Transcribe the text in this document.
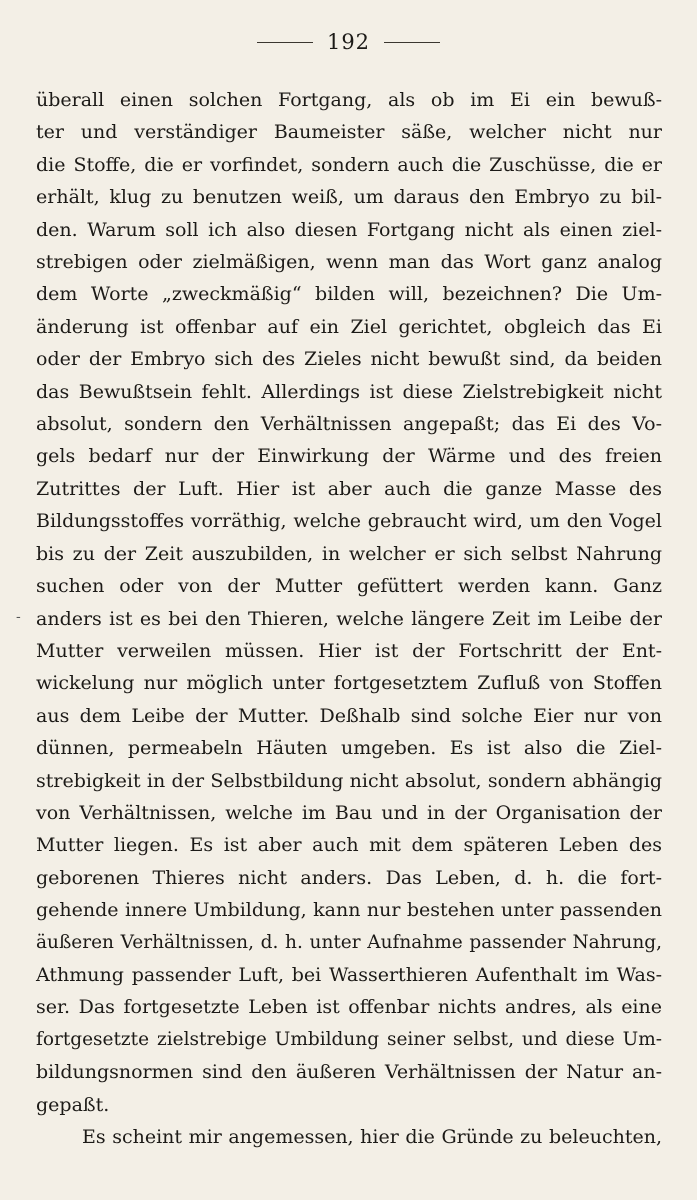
192
-
überall einen solchen Fortgang, als ob im Ei ein bewuß-
ter und verständiger Baumeister säße, welcher nicht nur
die Stoffe, die er vorfindet, sondern auch die Zuschüsse, die er
erhält, klug zu benutzen weiß, um daraus den Embryo zu bil-
den. Warum soll ich also diesen Fortgang nicht als einen ziel-
strebigen oder zielmäßigen, wenn man das Wort ganz analog
dem Worte „zweckmäßig“ bilden will, bezeichnen? Die Um-
änderung ist offenbar auf ein Ziel gerichtet, obgleich das Ei
oder der Embryo sich des Zieles nicht bewußt sind, da beiden
das Bewußtsein fehlt. Allerdings ist diese Zielstrebigkeit nicht
absolut, sondern den Verhältnissen angepaßt; das Ei des Vo-
gels bedarf nur der Einwirkung der Wärme und des freien
Zutrittes der Luft. Hier ist aber auch die ganze Masse des
Bildungsstoffes vorräthig, welche gebraucht wird, um den Vogel
bis zu der Zeit auszubilden, in welcher er sich selbst Nahrung
suchen oder von der Mutter gefüttert werden kann. Ganz
anders ist es bei den Thieren, welche längere Zeit im Leibe der
Mutter verweilen müssen. Hier ist der Fortschritt der Ent-
wickelung nur möglich unter fortgesetztem Zufluß von Stoffen
aus dem Leibe der Mutter. Deßhalb sind solche Eier nur von
dünnen, permeabeln Häuten umgeben. Es ist also die Ziel-
strebigkeit in der Selbstbildung nicht absolut, sondern abhängig
von Verhältnissen, welche im Bau und in der Organisation der
Mutter liegen. Es ist aber auch mit dem späteren Leben des
geborenen Thieres nicht anders. Das Leben, d. h. die fort-
gehende innere Umbildung, kann nur bestehen unter passenden
äußeren Verhältnissen, d. h. unter Aufnahme passender Nahrung,
Athmung passender Luft, bei Wasserthieren Aufenthalt im Was-
ser. Das fortgesetzte Leben ist offenbar nichts andres, als eine
fortgesetzte zielstrebige Umbildung seiner selbst, und diese Um-
bildungsnormen sind den äußeren Verhältnissen der Natur an-
gepaßt.
Es scheint mir angemessen, hier die Gründe zu beleuchten,
